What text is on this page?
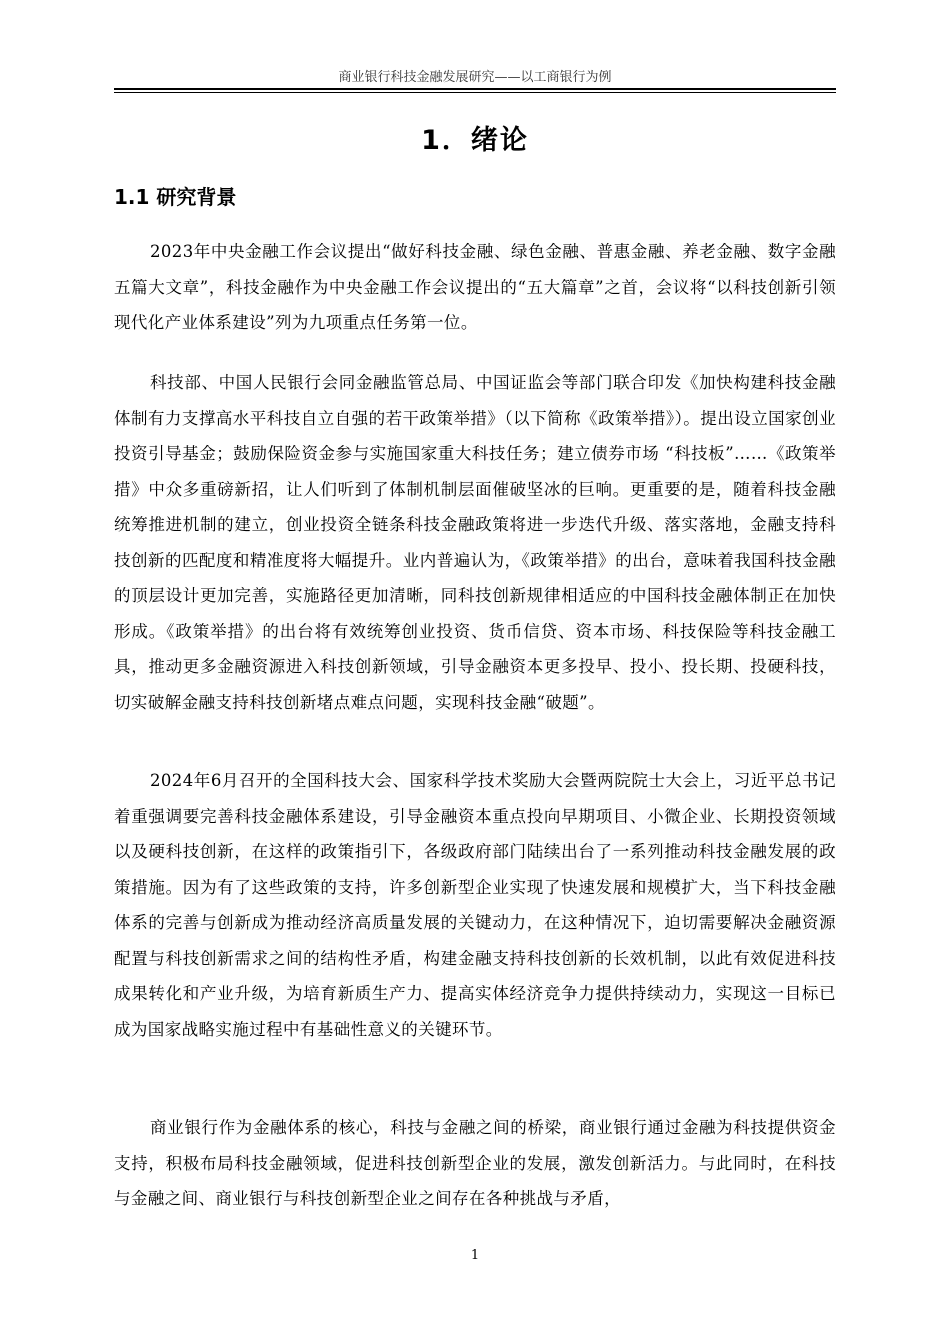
商业银行科技金融发展研究——以工商银行为例
1．绪论
1.1 研究背景

2023年中央金融工作会议提出“做好科技金融、绿色金融、普惠金融、养老金融、数字金融五篇大文章”，科技金融作为中央金融工作会议提出的“五大篇章”之首，会议将“以科技创新引领现代化产业体系建设”列为九项重点任务第一位。

科技部、中国人民银行会同金融监管总局、中国证监会等部门联合印发《加快构建科技金融体制有力支撑高水平科技自立自强的若干政策举措》（以下简称《政策举措》）。提出设立国家创业投资引导基金；鼓励保险资金参与实施国家重大科技任务；建立债券市场 “科技板”……《政策举措》中众多重磅新招，让人们听到了体制机制层面催破坚冰的巨响。更重要的是，随着科技金融统筹推进机制的建立，创业投资全链条科技金融政策将进一步迭代升级、落实落地，金融支持科技创新的匹配度和精准度将大幅提升。业内普遍认为，《政策举措》的出台，意味着我国科技金融的顶层设计更加完善，实施路径更加清晰，同科技创新规律相适应的中国科技金融体制正在加快形成。《政策举措》的出台将有效统筹创业投资、货币信贷、资本市场、科技保险等科技金融工具，推动更多金融资源进入科技创新领域，引导金融资本更多投早、投小、投长期、投硬科技，切实破解金融支持科技创新堵点难点问题，实现科技金融“破题”。

2024年6月召开的全国科技大会、国家科学技术奖励大会暨两院院士大会上，习近平总书记着重强调要完善科技金融体系建设，引导金融资本重点投向早期项目、小微企业、长期投资领域以及硬科技创新，在这样的政策指引下，各级政府部门陆续出台了一系列推动科技金融发展的政策措施。因为有了这些政策的支持，许多创新型企业实现了快速发展和规模扩大，当下科技金融体系的完善与创新成为推动经济高质量发展的关键动力，在这种情况下，迫切需要解决金融资源配置与科技创新需求之间的结构性矛盾，构建金融支持科技创新的长效机制，以此有效促进科技成果转化和产业升级，为培育新质生产力、提高实体经济竞争力提供持续动力，实现这一目标已成为国家战略实施过程中有基础性意义的关键环节。

商业银行作为金融体系的核心，科技与金融之间的桥梁，商业银行通过金融为科技提供资金支持，积极布局科技金融领域，促进科技创新型企业的发展，激发创新活力。与此同时，在科技与金融之间、商业银行与科技创新型企业之间存在各种挑战与矛盾，

1
